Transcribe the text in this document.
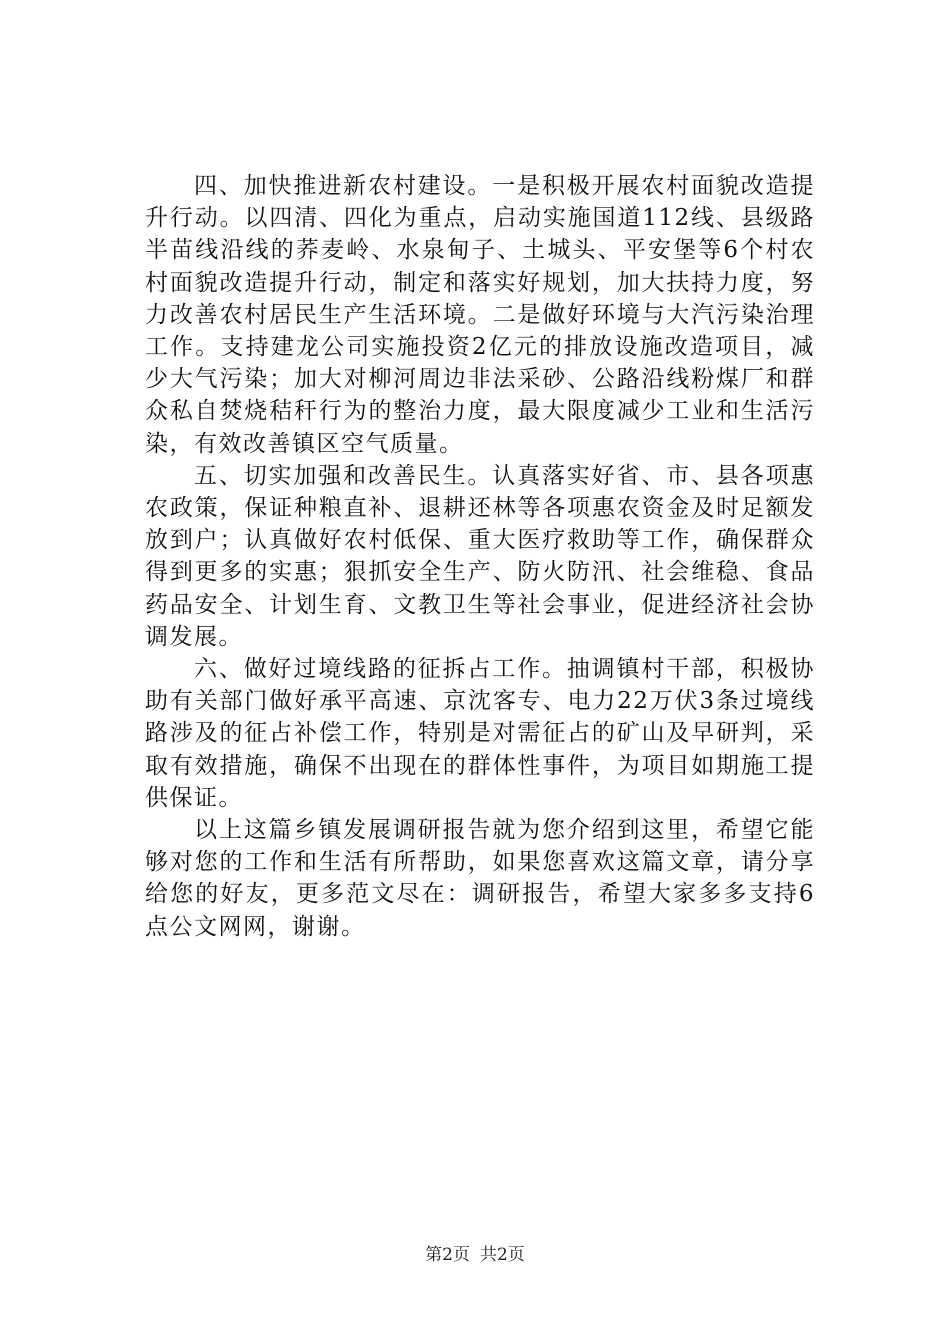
四、加快推进新农村建设。一是积极开展农村面貌改造提升行动。以四清、四化为重点，启动实施国道112线、县级路半苗线沿线的荞麦岭、水泉甸子、土城头、平安堡等6个村农村面貌改造提升行动，制定和落实好规划，加大扶持力度，努力改善农村居民生产生活环境。二是做好环境与大汽污染治理工作。支持建龙公司实施投资2亿元的排放设施改造项目，减少大气污染；加大对柳河周边非法采砂、公路沿线粉煤厂和群众私自焚烧秸秆行为的整治力度，最大限度减少工业和生活污染，有效改善镇区空气质量。

五、切实加强和改善民生。认真落实好省、市、县各项惠农政策，保证种粮直补、退耕还林等各项惠农资金及时足额发放到户；认真做好农村低保、重大医疗救助等工作，确保群众得到更多的实惠；狠抓安全生产、防火防汛、社会维稳、食品药品安全、计划生育、文教卫生等社会事业，促进经济社会协调发展。

六、做好过境线路的征拆占工作。抽调镇村干部，积极协助有关部门做好承平高速、京沈客专、电力22万伏3条过境线路涉及的征占补偿工作，特别是对需征占的矿山及早研判，采取有效措施，确保不出现在的群体性事件，为项目如期施工提供保证。

以上这篇乡镇发展调研报告就为您介绍到这里，希望它能够对您的工作和生活有所帮助，如果您喜欢这篇文章，请分享给您的好友，更多范文尽在：调研报告，希望大家多多支持6点公文网网，谢谢。

第2页 共2页
